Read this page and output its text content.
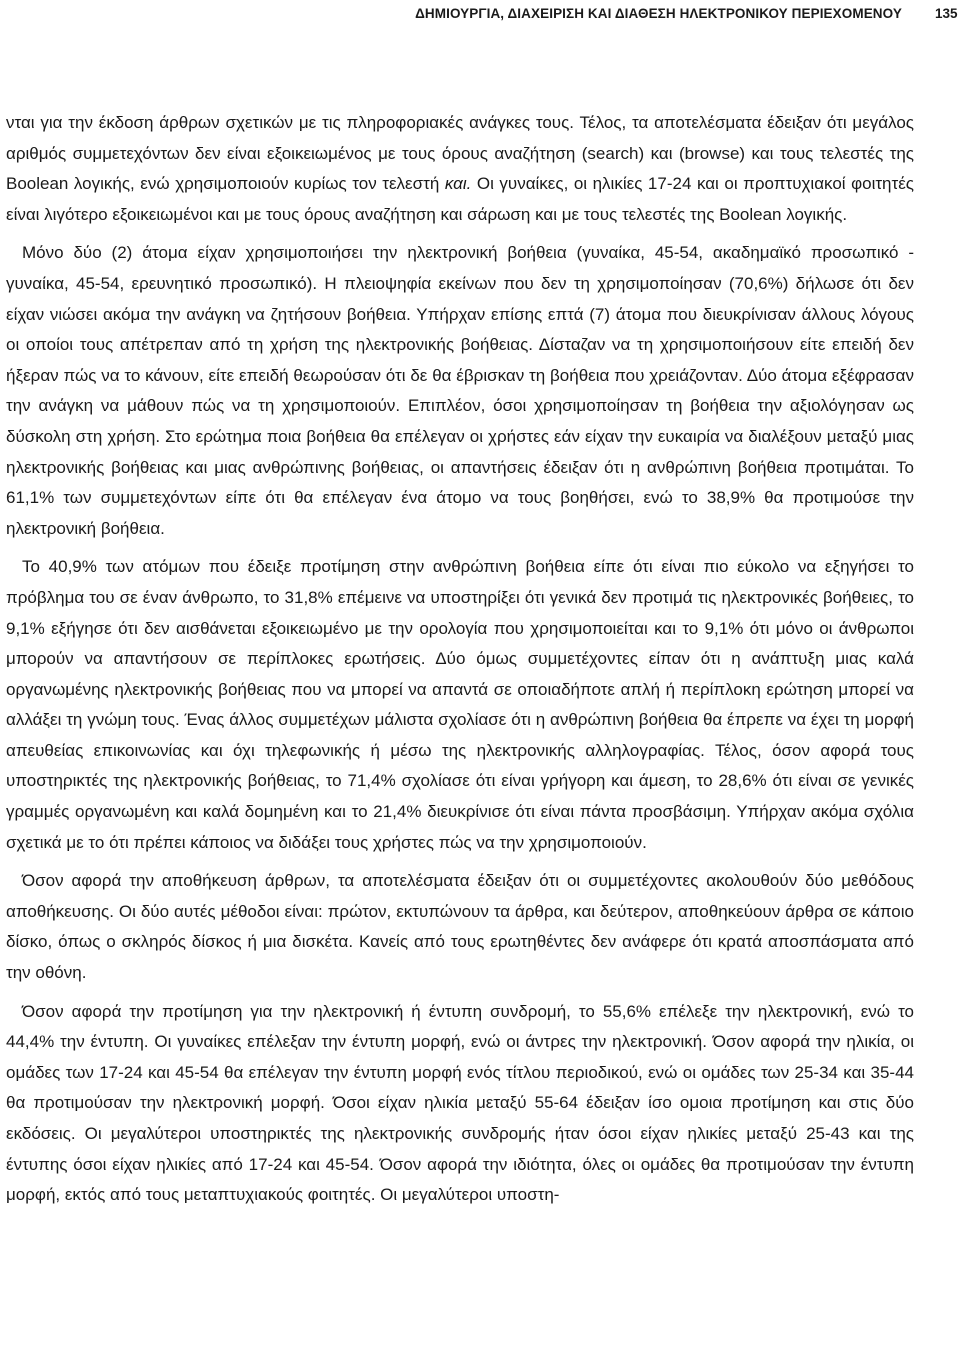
ΔΗΜΙΟΥΡΓΙΑ, ΔΙΑΧΕΙΡΙΣΗ ΚΑΙ ΔΙΑΘΕΣΗ ΗΛΕΚΤΡΟΝΙΚΟΥ ΠΕΡΙΕΧΟΜΕΝΟΥ 135

νται για την έκδοση άρθρων σχετικών με τις πληροφοριακές ανάγκες τους. Τέλος, τα αποτελέσματα έδειξαν ότι μεγάλος αριθμός συμμετεχόντων δεν είναι εξοικειωμένος με τους όρους αναζήτηση (search) και (browse) και τους τελεστές της Boolean λογικής, ενώ χρησιμοποιούν κυρίως τον τελεστή και. Οι γυναίκες, οι ηλικίες 17-24 και οι προπτυχιακοί φοιτητές είναι λιγότερο εξοικειωμένοι και με τους όρους αναζήτηση και σάρωση και με τους τελεστές της Boolean λογικής.

Μόνο δύο (2) άτομα είχαν χρησιμοποιήσει την ηλεκτρονική βοήθεια (γυναίκα, 45-54, ακαδημαϊκό προσωπικό - γυναίκα, 45-54, ερευνητικό προσωπικό). Η πλειοψηφία εκείνων που δεν τη χρησιμοποίησαν (70,6%) δήλωσε ότι δεν είχαν νιώσει ακόμα την ανάγκη να ζητήσουν βοήθεια. Υπήρχαν επίσης επτά (7) άτομα που διευκρίνισαν άλλους λόγους οι οποίοι τους απέτρεπαν από τη χρήση της ηλεκτρονικής βοήθειας. Δίσταζαν να τη χρησιμοποιήσουν είτε επειδή δεν ήξεραν πώς να το κάνουν, είτε επειδή θεωρούσαν ότι δε θα έβρισκαν τη βοήθεια που χρειάζονταν. Δύο άτομα εξέφρασαν την ανάγκη να μάθουν πώς να τη χρησιμοποιούν. Επιπλέον, όσοι χρησιμοποίησαν τη βοήθεια την αξιολόγησαν ως δύσκολη στη χρήση. Στο ερώτημα ποια βοήθεια θα επέλεγαν οι χρήστες εάν είχαν την ευκαιρία να διαλέξουν μεταξύ μιας ηλεκτρονικής βοήθειας και μιας ανθρώπινης βοήθειας, οι απαντήσεις έδειξαν ότι η ανθρώπινη βοήθεια προτιμάται. Το 61,1% των συμμετεχόντων είπε ότι θα επέλεγαν ένα άτομο να τους βοηθήσει, ενώ το 38,9% θα προτιμούσε την ηλεκτρονική βοήθεια.

Το 40,9% των ατόμων που έδειξε προτίμηση στην ανθρώπινη βοήθεια είπε ότι είναι πιο εύκολο να εξηγήσει το πρόβλημα του σε έναν άνθρωπο, το 31,8% επέμεινε να υποστηρίξει ότι γενικά δεν προτιμά τις ηλεκτρονικές βοήθειες, το 9,1% εξήγησε ότι δεν αισθάνεται εξοικειωμένο με την ορολογία που χρησιμοποιείται και το 9,1% ότι μόνο οι άνθρωποι μπορούν να απαντήσουν σε περίπλοκες ερωτήσεις. Δύο όμως συμμετέχοντες είπαν ότι η ανάπτυξη μιας καλά οργανωμένης ηλεκτρονικής βοήθειας που να μπορεί να απαντά σε οποιαδήποτε απλή ή περίπλοκη ερώτηση μπορεί να αλλάξει τη γνώμη τους. Ένας άλλος συμμετέχων μάλιστα σχολίασε ότι η ανθρώπινη βοήθεια θα έπρεπε να έχει τη μορφή απευθείας επικοινωνίας και όχι τηλεφωνικής ή μέσω της ηλεκτρονικής αλληλογραφίας. Τέλος, όσον αφορά τους υποστηρικτές της ηλεκτρονικής βοήθειας, το 71,4% σχολίασε ότι είναι γρήγορη και άμεση, το 28,6% ότι είναι σε γενικές γραμμές οργανωμένη και καλά δομημένη και το 21,4% διευκρίνισε ότι είναι πάντα προσβάσιμη. Υπήρχαν ακόμα σχόλια σχετικά με το ότι πρέπει κάποιος να διδάξει τους χρήστες πώς να την χρησιμοποιούν.

Όσον αφορά την αποθήκευση άρθρων, τα αποτελέσματα έδειξαν ότι οι συμμετέχοντες ακολουθούν δύο μεθόδους αποθήκευσης. Οι δύο αυτές μέθοδοι είναι: πρώτον, εκτυπώνουν τα άρθρα, και δεύτερον, αποθηκεύουν άρθρα σε κάποιο δίσκο, όπως ο σκληρός δίσκος ή μια δισκέτα. Κανείς από τους ερωτηθέντες δεν ανάφερε ότι κρατά αποσπάσματα από την οθόνη.

Όσον αφορά την προτίμηση για την ηλεκτρονική ή έντυπη συνδρομή, το 55,6% επέλεξε την ηλεκτρονική, ενώ το 44,4% την έντυπη. Οι γυναίκες επέλεξαν την έντυπη μορφή, ενώ οι άντρες την ηλεκτρονική. Όσον αφορά την ηλικία, οι ομάδες των 17-24 και 45-54 θα επέλεγαν την έντυπη μορφή ενός τίτλου περιοδικού, ενώ οι ομάδες των 25-34 και 35-44 θα προτιμούσαν την ηλεκτρονική μορφή. Όσοι είχαν ηλικία μεταξύ 55-64 έδειξαν ίσο ομοια προτίμηση και στις δύο εκδόσεις. Οι μεγαλύτεροι υποστηρικτές της ηλεκτρονικής συνδρομής ήταν όσοι είχαν ηλικίες μεταξύ 25-43 και της έντυπης όσοι είχαν ηλικίες από 17-24 και 45-54. Όσον αφορά την ιδιότητα, όλες οι ομάδες θα προτιμούσαν την έντυπη μορφή, εκτός από τους μεταπτυχιακούς φοιτητές. Οι μεγαλύτεροι υποστη-
